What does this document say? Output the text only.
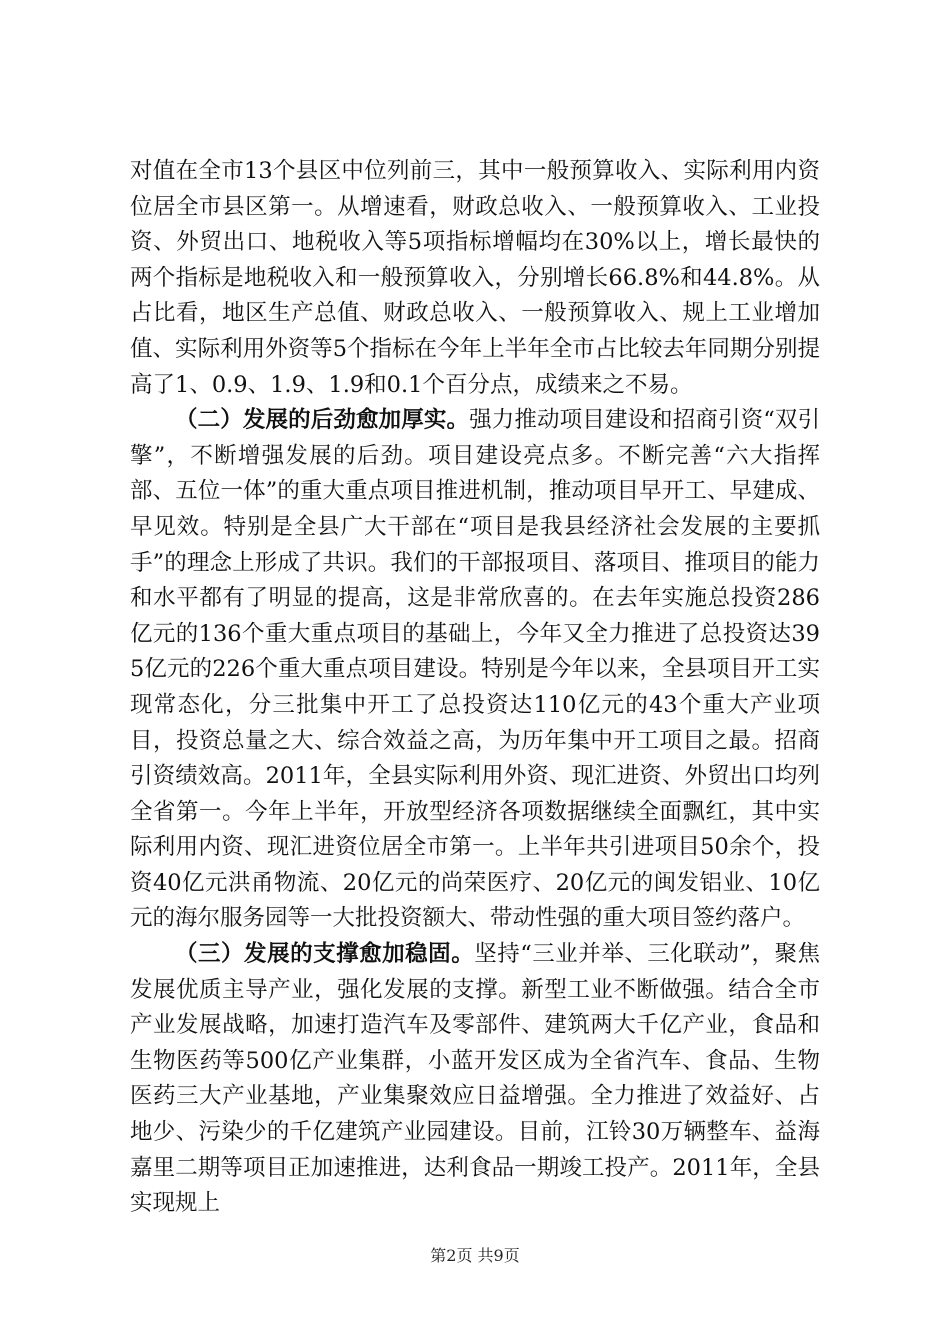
对值在全市13个县区中位列前三，其中一般预算收入、实际利用内资位居全市县区第一。从增速看，财政总收入、一般预算收入、工业投资、外贸出口、地税收入等5项指标增幅均在30%以上，增长最快的两个指标是地税收入和一般预算收入，分别增长66.8%和44.8%。从占比看，地区生产总值、财政总收入、一般预算收入、规上工业增加值、实际利用外资等5个指标在今年上半年全市占比较去年同期分别提高了1、0.9、1.9、1.9和0.1个百分点，成绩来之不易。

（二）发展的后劲愈加厚实。强力推动项目建设和招商引资“双引擎”，不断增强发展的后劲。项目建设亮点多。不断完善“六大指挥部、五位一体”的重大重点项目推进机制，推动项目早开工、早建成、早见效。特别是全县广大干部在“项目是我县经济社会发展的主要抓手”的理念上形成了共识。我们的干部报项目、落项目、推项目的能力和水平都有了明显的提高，这是非常欣喜的。在去年实施总投资286亿元的136个重大重点项目的基础上，今年又全力推进了总投资达395亿元的226个重大重点项目建设。特别是今年以来，全县项目开工实现常态化，分三批集中开工了总投资达110亿元的43个重大产业项目，投资总量之大、综合效益之高，为历年集中开工项目之最。招商引资绩效高。2011年，全县实际利用外资、现汇进资、外贸出口均列全省第一。今年上半年，开放型经济各项数据继续全面飘红，其中实际利用内资、现汇进资位居全市第一。上半年共引进项目50余个，投资40亿元洪甬物流、20亿元的尚荣医疗、20亿元的闽发铝业、10亿元的海尔服务园等一大批投资额大、带动性强的重大项目签约落户。

（三）发展的支撑愈加稳固。坚持“三业并举、三化联动”，聚焦发展优质主导产业，强化发展的支撑。新型工业不断做强。结合全市产业发展战略，加速打造汽车及零部件、建筑两大千亿产业，食品和生物医药等500亿产业集群，小蓝开发区成为全省汽车、食品、生物医药三大产业基地，产业集聚效应日益增强。全力推进了效益好、占地少、污染少的千亿建筑产业园建设。目前，江铃30万辆整车、益海嘉里二期等项目正加速推进，达利食品一期竣工投产。2011年，全县实现规上

第2页 共9页
